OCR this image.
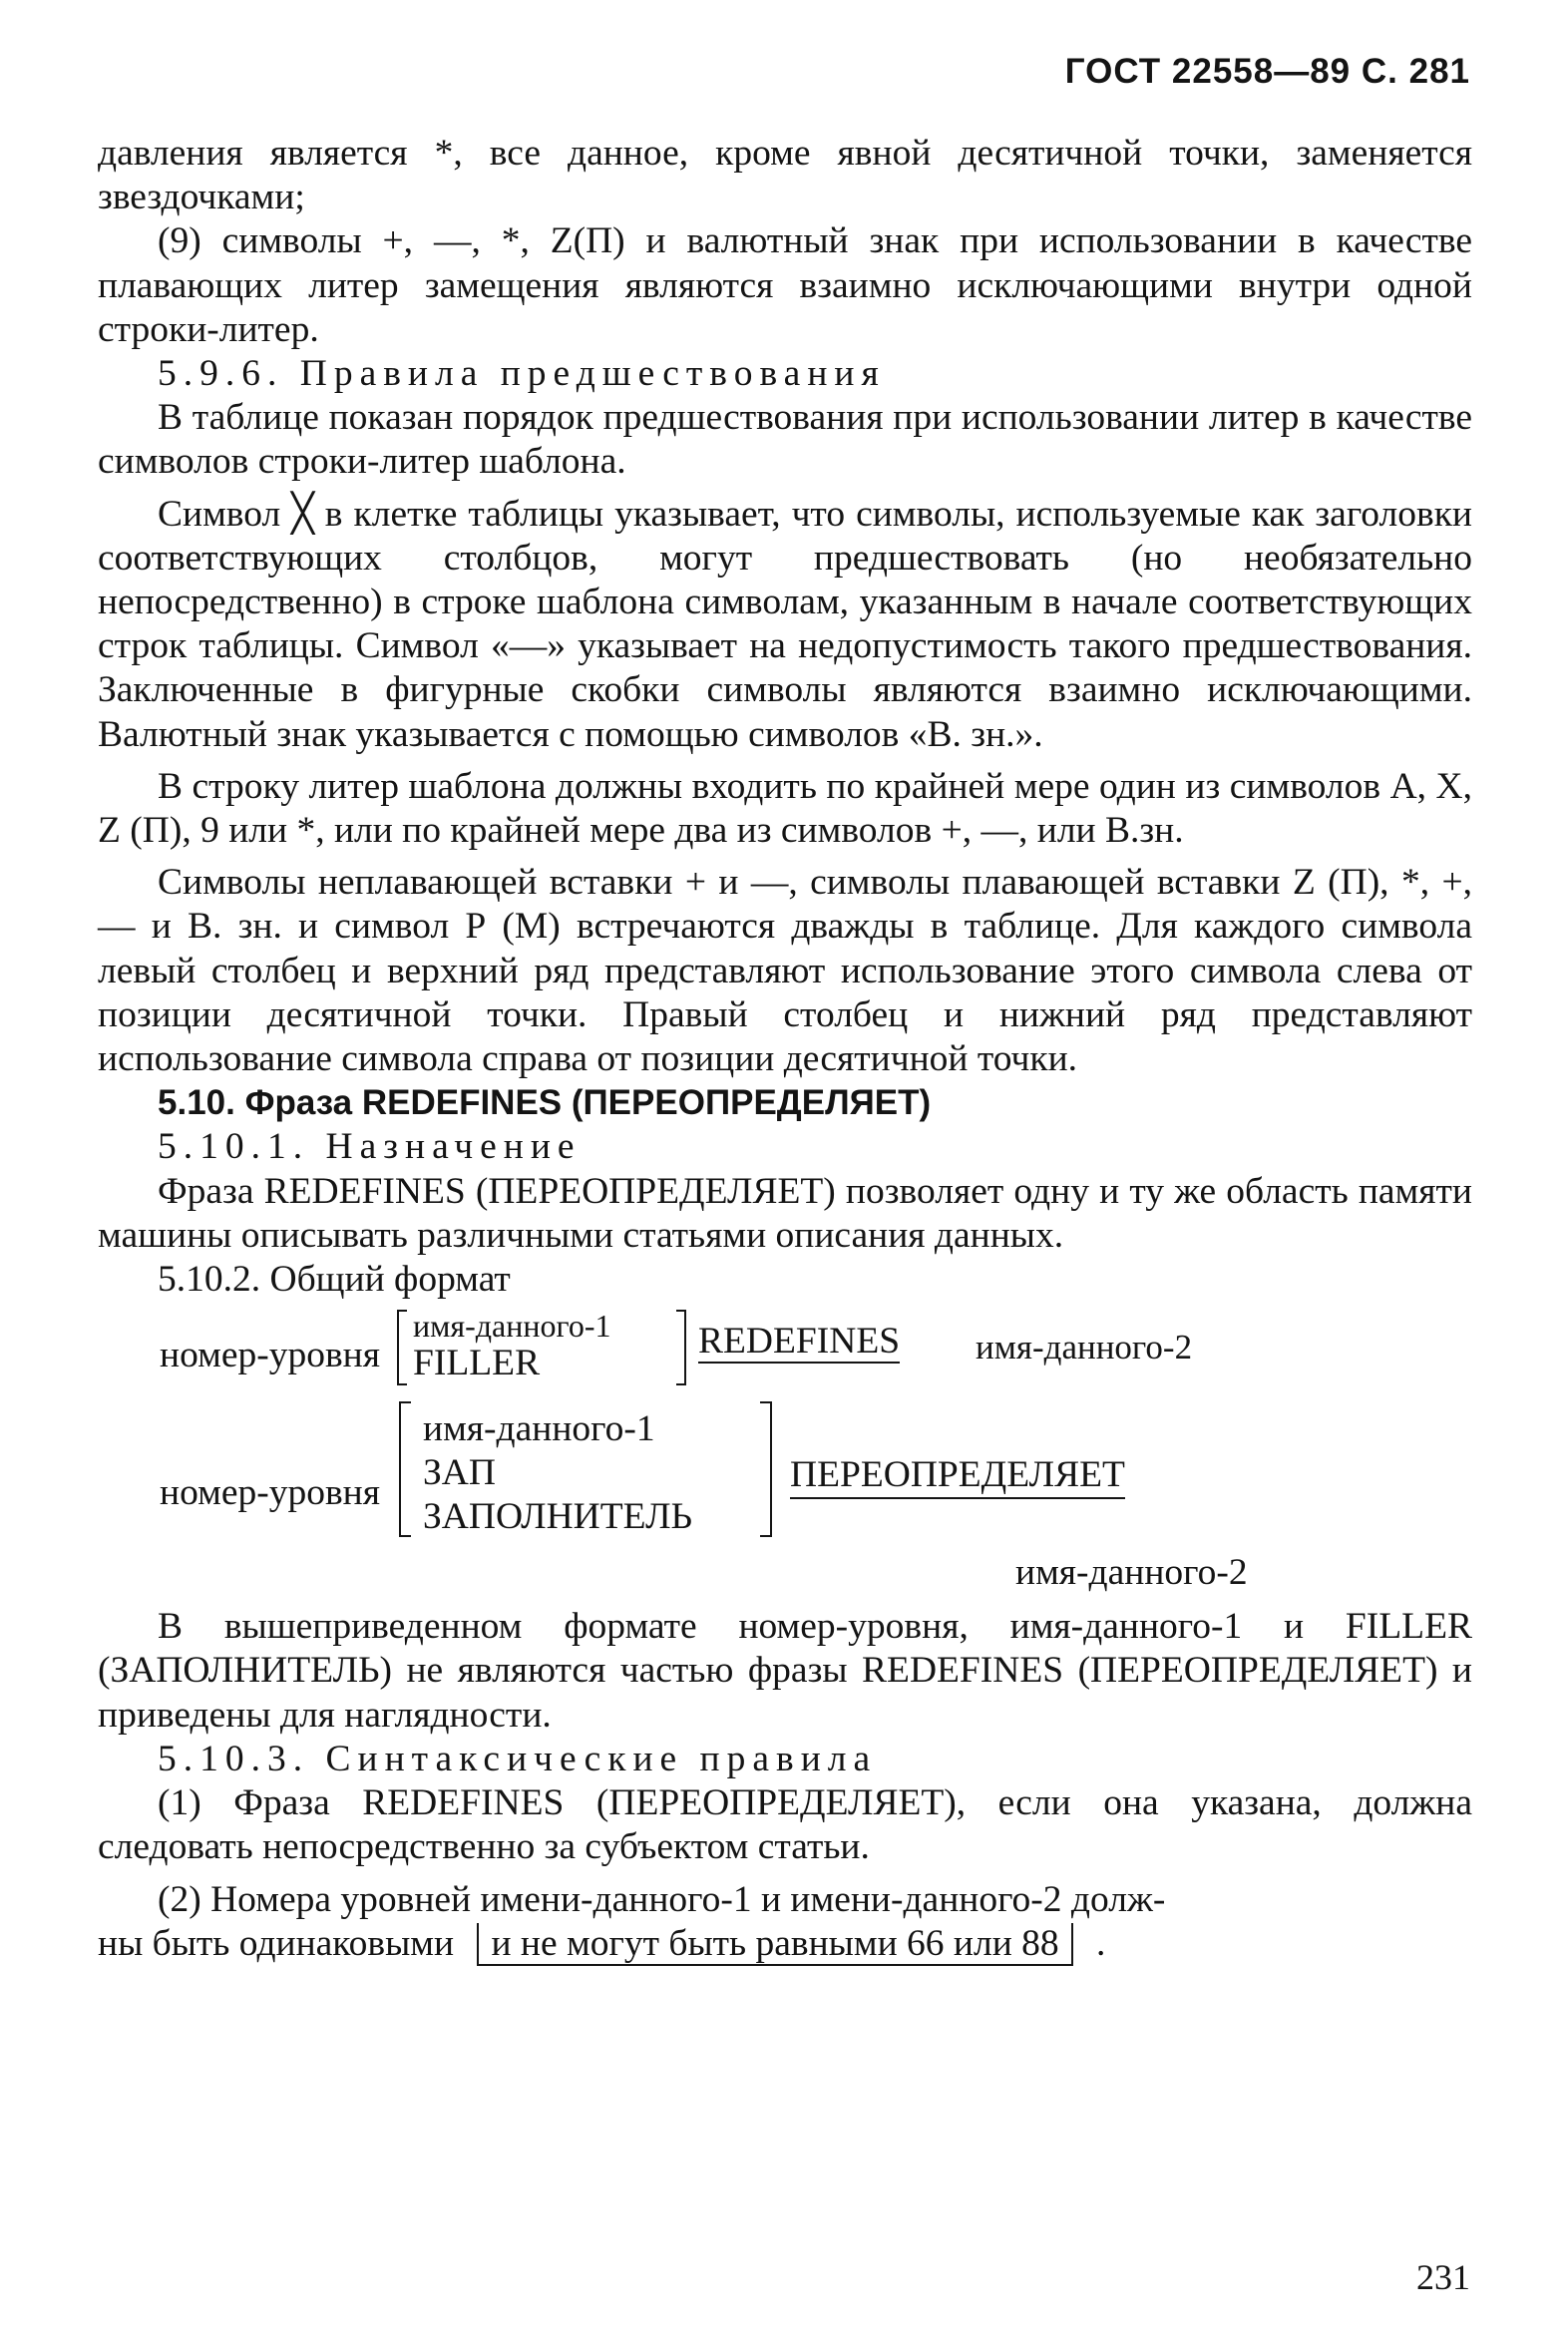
ГОСТ 22558—89 С. 281

давления является *, все данное, кроме явной десятичной точки, заменяется звездочками;

(9) символы +, —, *, Z(П) и валютный знак при использовании в качестве плавающих литер замещения являются взаимно исключающими внутри одной строки-литер.

5.9.6. Правила предшествования

В таблице показан порядок предшествования при использовании литер в качестве символов строки-литер шаблона.

Символ ╳ в клетке таблицы указывает, что символы, используемые как заголовки соответствующих столбцов, могут предшествовать (но необязательно непосредственно) в строке шаблона символам, указанным в начале соответствующих строк таблицы. Символ «—» указывает на недопустимость такого предшествования. Заключенные в фигурные скобки символы являются взаимно исключающими. Валютный знак указывается с помощью символов «В. зн.».

В строку литер шаблона должны входить по крайней мере один из символов A, X, Z (П), 9 или *, или по крайней мере два из символов +, —, или В.зн.

Символы неплавающей вставки + и —, символы плавающей вставки Z (П), *, +, — и В. зн. и символ Р (М) встречаются дважды в таблице. Для каждого символа левый столбец и верхний ряд представляют использование этого символа слева от позиции десятичной точки. Правый столбец и нижний ряд представляют использование символа справа от позиции десятичной точки.

5.10. Фраза REDEFINES (ПЕРЕОПРЕДЕЛЯЕТ)

5.10.1. Назначение

Фраза REDEFINES (ПЕРЕОПРЕДЕЛЯЕТ) позволяет одну и ту же область памяти машины описывать различными статьями описания данных.

5.10.2. Общий формат

номер-уровня
имя-данного-1
FILLER
REDEFINES имя-данного-2
номер-уровня
имя-данного-1
ЗАП
ЗАПОЛНИТЕЛЬ
ПЕРЕОПРЕДЕЛЯЕТ
имя-данного-2

В вышеприведенном формате номер-уровня, имя-данного-1 и FILLER (ЗАПОЛНИТЕЛЬ) не являются частью фразы REDEFINES (ПЕРЕОПРЕДЕЛЯЕТ) и приведены для наглядности.

5.10.3. Синтаксические правила

(1) Фраза REDEFINES (ПЕРЕОПРЕДЕЛЯЕТ), если она указана, должна следовать непосредственно за субъектом статьи.

(2) Номера уровней имени-данного-1 и имени-данного-2 долж-

ны быть одинаковыми и не могут быть равными 66 или 88 .

231
